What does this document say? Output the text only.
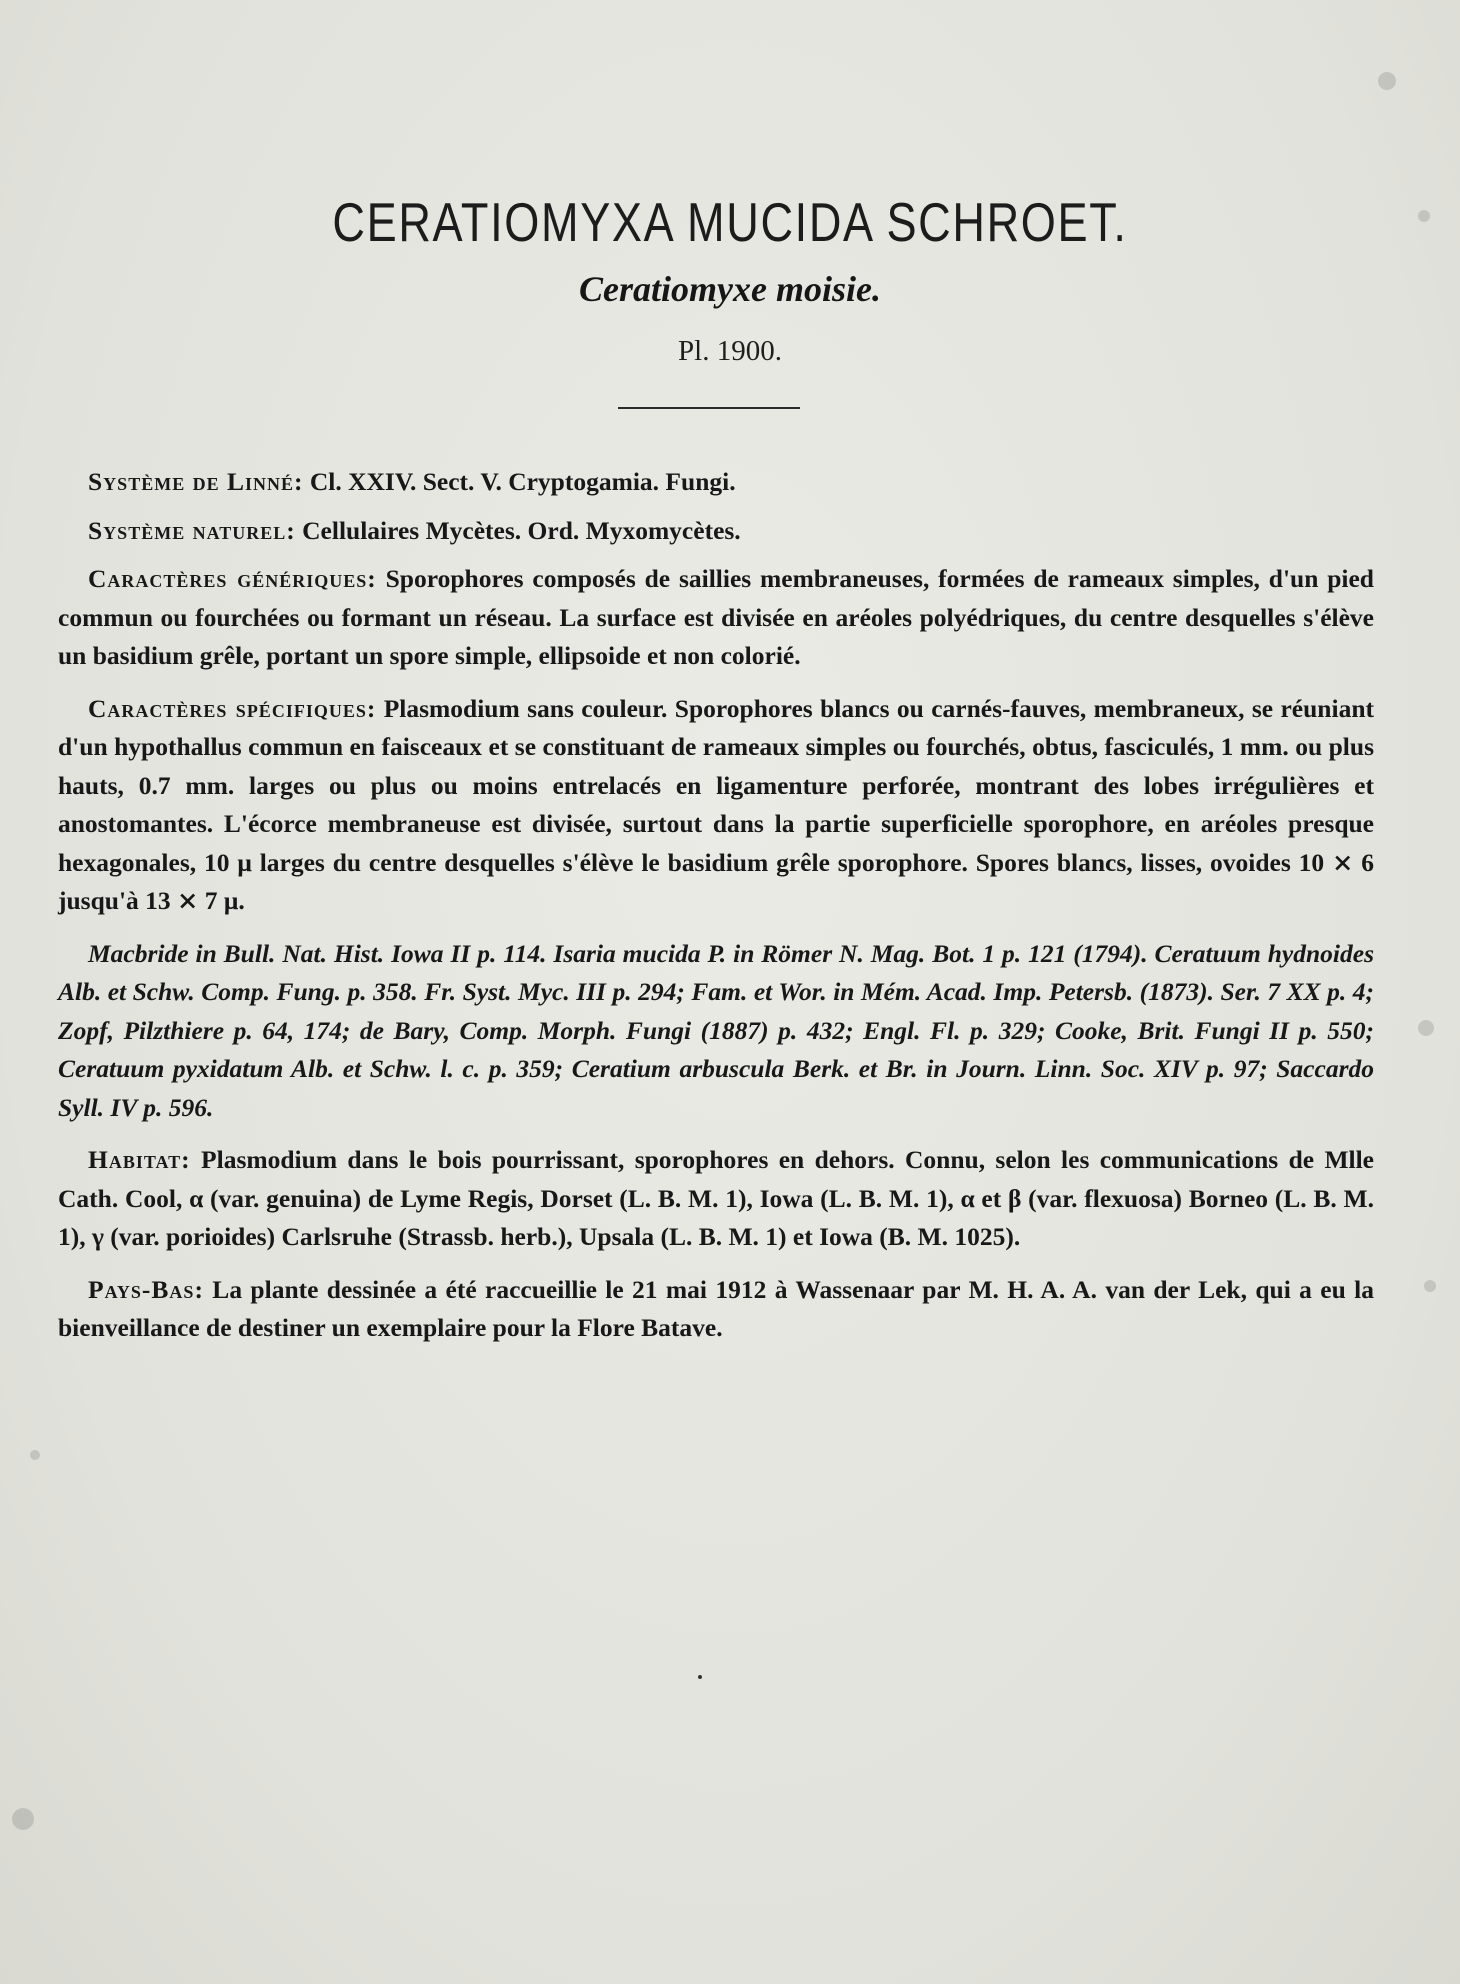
CERATIOMYXA MUCIDA SCHROET.
Ceratiomyxe moisie.
Pl. 1900.

Système de Linné: Cl. XXIV. Sect. V. Cryptogamia. Fungi.

Système naturel: Cellulaires Mycètes. Ord. Myxomycètes.

Caractères génériques: Sporophores composés de saillies membraneuses, formées de rameaux simples, d'un pied commun ou fourchées ou formant un réseau. La surface est divisée en aréoles polyédriques, du centre desquelles s'élève un basidium grêle, portant un spore simple, ellipsoide et non colorié.

Caractères spécifiques: Plasmodium sans couleur. Sporophores blancs ou carnés-fauves, membraneux, se réuniant d'un hypothallus commun en faisceaux et se constituant de rameaux simples ou fourchés, obtus, fasciculés, 1 mm. ou plus hauts, 0.7 mm. larges ou plus ou moins entrelacés en ligamenture perforée, montrant des lobes irrégulières et anostomantes. L'écorce membraneuse est divisée, surtout dans la partie superficielle sporophore, en aréoles presque hexagonales, 10 μ larges du centre desquelles s'élève le basidium grêle sporophore. Spores blancs, lisses, ovoides 10 ⨯ 6 jusqu'à 13 ⨯ 7 μ.

Macbride in Bull. Nat. Hist. Iowa II p. 114. Isaria mucida P. in Römer N. Mag. Bot. 1 p. 121 (1794). Ceratuum hydnoides Alb. et Schw. Comp. Fung. p. 358. Fr. Syst. Myc. III p. 294; Fam. et Wor. in Mém. Acad. Imp. Petersb. (1873). Ser. 7 XX p. 4; Zopf, Pilzthiere p. 64, 174; de Bary, Comp. Morph. Fungi (1887) p. 432; Engl. Fl. p. 329; Cooke, Brit. Fungi II p. 550; Ceratuum pyxidatum Alb. et Schw. l. c. p. 359; Ceratium arbuscula Berk. et Br. in Journ. Linn. Soc. XIV p. 97; Saccardo Syll. IV p. 596.

Habitat: Plasmodium dans le bois pourrissant, sporophores en dehors. Connu, selon les communications de Mlle Cath. Cool, α (var. genuina) de Lyme Regis, Dorset (L. B. M. 1), Iowa (L. B. M. 1), α et β (var. flexuosa) Borneo (L. B. M. 1), γ (var. porioides) Carlsruhe (Strassb. herb.), Upsala (L. B. M. 1) et Iowa (B. M. 1025).

Pays-Bas: La plante dessinée a été raccueillie le 21 mai 1912 à Wassenaar par M. H. A. A. van der Lek, qui a eu la bienveillance de destiner un exemplaire pour la Flore Batave.
